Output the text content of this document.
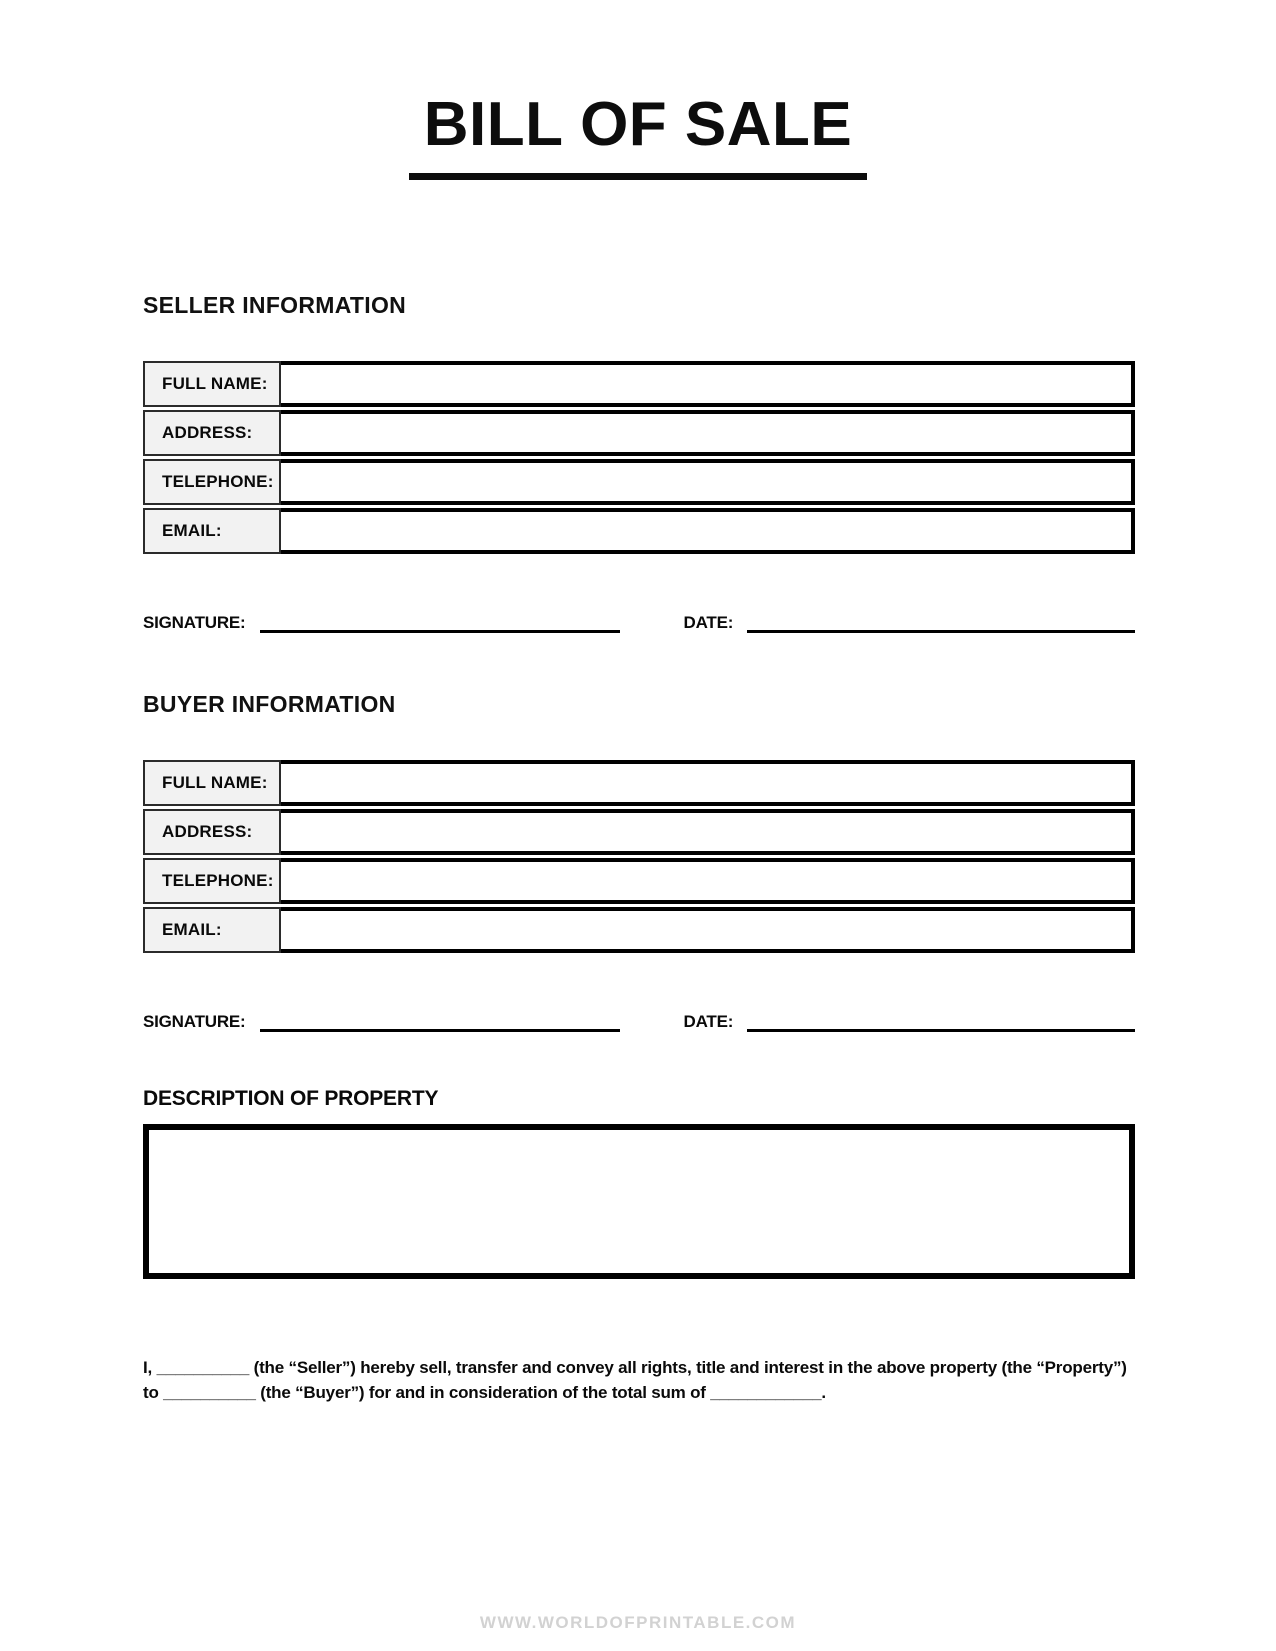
BILL OF SALE
SELLER INFORMATION
FULL NAME:
ADDRESS:
TELEPHONE:
EMAIL:
SIGNATURE:	DATE:
BUYER INFORMATION
FULL NAME:
ADDRESS:
TELEPHONE:
EMAIL:
SIGNATURE:	DATE:
DESCRIPTION OF PROPERTY
I, __________ (the “Seller”) hereby sell, transfer and convey all rights, title and interest in the above property (the “Property”) to __________ (the “Buyer”) for and in consideration of the total sum of ____________.
WWW.WORLDOFPRINTABLE.COM
